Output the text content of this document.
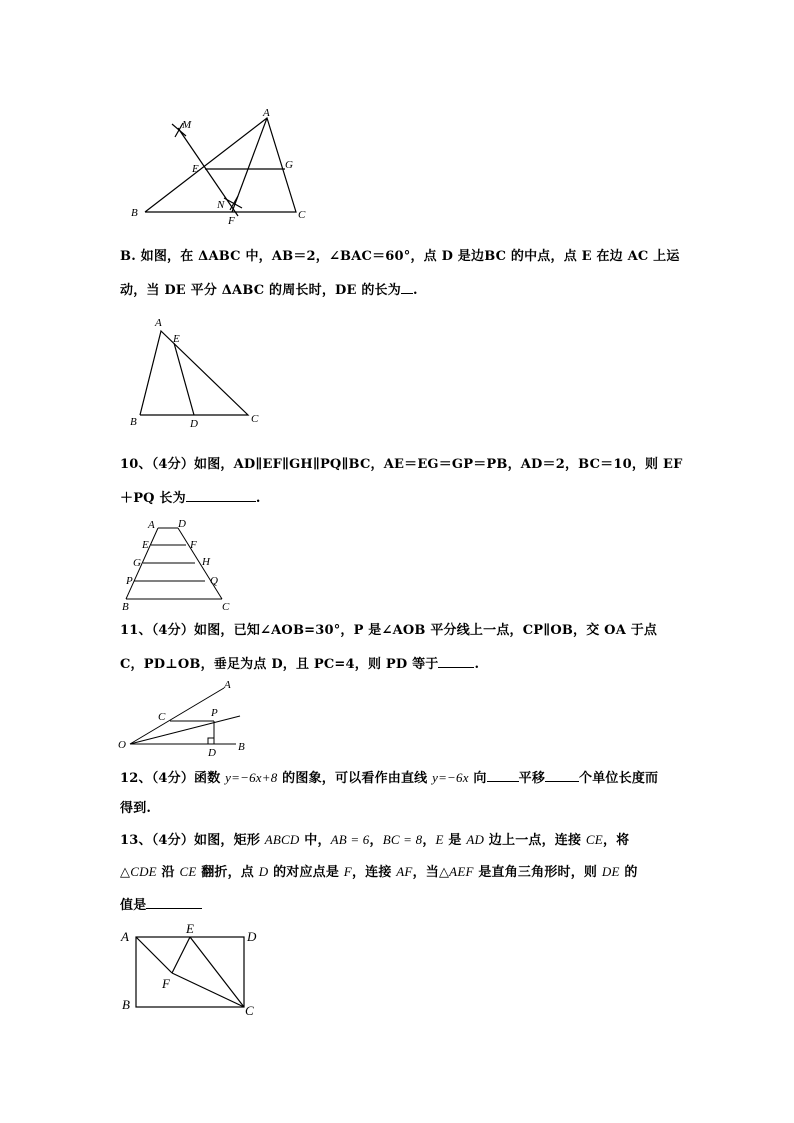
A
M
E	G
N
B
F	C
B. 如图，在 ΔABC 中，AB＝2，∠BAC＝60°，点 D 是边BC 的中点，点 E 在边 AC 上运
动，当 DE 平分 ΔABC 的周长时，DE 的长为 .
A
E
B	D	C
10、（4分）如图，AD∥EF∥GH∥PQ∥BC，AE＝EG＝GP＝PB，AD＝2，BC＝10，则 EF
＋PQ 长为	.
A D
E	F
G	H
P	Q
B	C
11、（4分）如图，已知∠AOB=30°，P 是∠AOB 平分线上一点，CP∥OB，交 OA 于点
C，PD⊥OB，垂足为点 D，且 PC=4，则 PD 等于	.
A
C	P
O
D B
12、（4分）函数 y=−6x+8 的图象，可以看作由直线 y=−6x 向 平移	个单位长度而
得到.
13、（4分）如图，矩形 ABCD 中，AB = 6，BC = 8，E 是 AD 边上一点，连接 CE，将
△CDE 沿 CE 翻折，点 D 的对应点是 F，连接 AF，当△AEF 是直角三角形时，则 DE 的
值是
A
E
D
F
B	C
